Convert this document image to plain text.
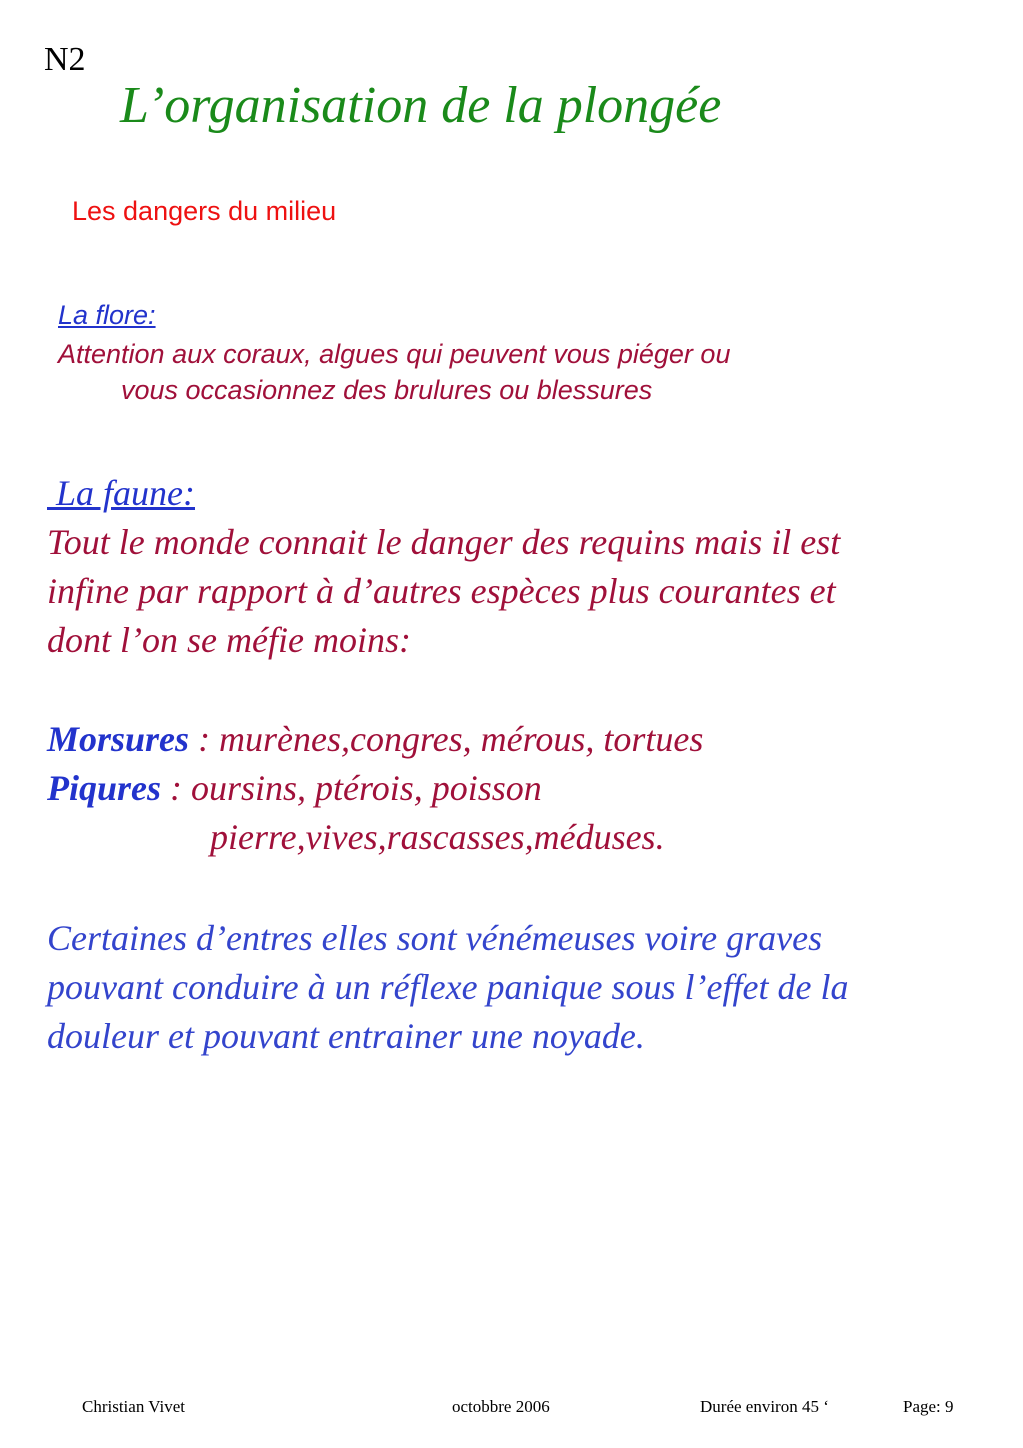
N2

L’organisation de la plongée
Les dangers du milieu

La flore:

Attention aux coraux, algues qui peuvent vous piéger ou

vous occasionnez des brulures ou blessures

La faune:

Tout le monde connait le danger des requins mais il est

infine par rapport à d’autres espèces plus courantes et

dont l’on se méfie moins:

Morsures : murènes,congres, mérous, tortues

Piqures : oursins, ptérois, poisson

pierre,vives,rascasses,méduses.

Certaines d’entres elles sont vénémeuses voire graves

pouvant conduire à un réflexe panique sous l’effet de la

douleur et pouvant entrainer une noyade.

Christian Vivet	octobbre 2006	Durée environ 45 ‘	Page: 9
